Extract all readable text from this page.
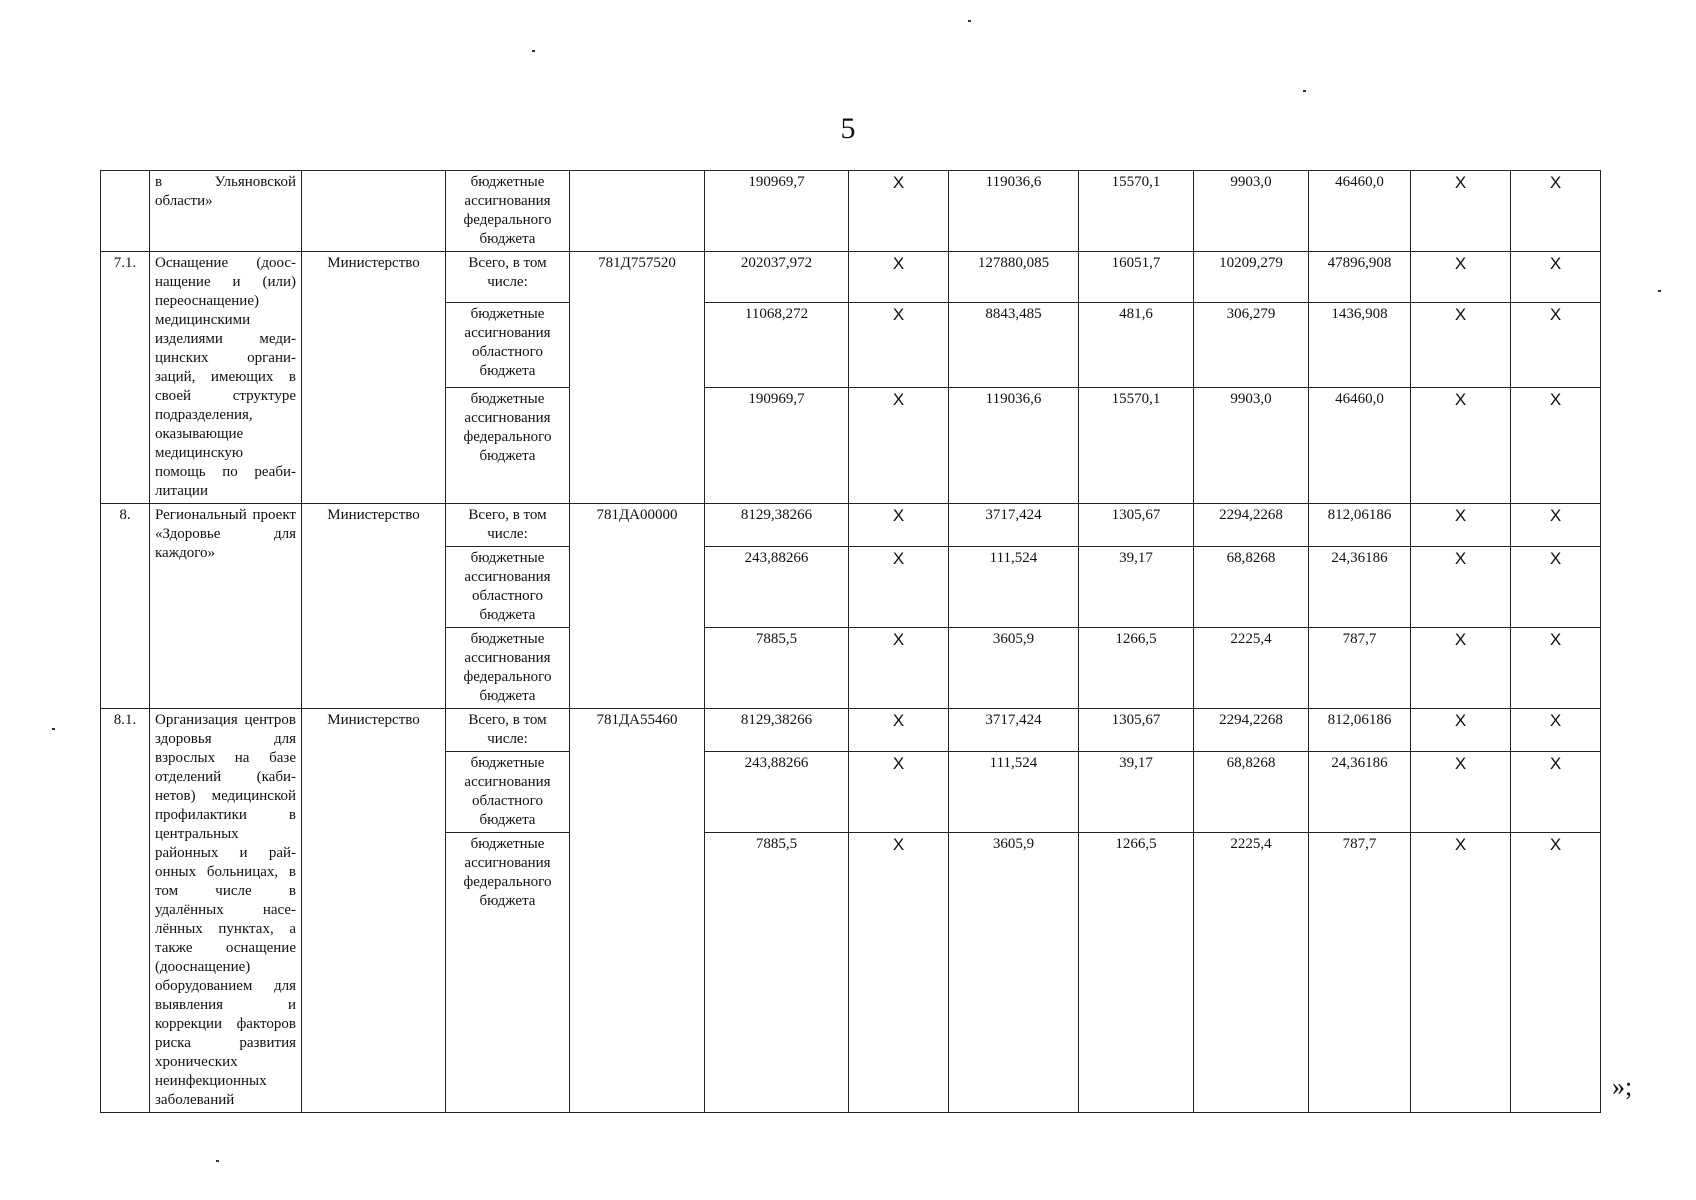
5
	в Ульяновской области»		бюджетные ассигнования федерального бюджета		190969,7	Х	119036,6	15570,1	9903,0	46460,0	Х	Х
7.1.	Оснащение (дооснащение и (или) переоснащение) медицинскими изделиями медицинских организаций, имеющих в своей структуре подразделения, оказывающие медицинскую помощь по реабилитации	Министерство	Всего, в том числе:	781Д757520	202037,972	Х	127880,085	16051,7	10209,279	47896,908	Х	Х
			бюджетные ассигнования областного бюджета		11068,272	Х	8843,485	481,6	306,279	1436,908	Х	Х
			бюджетные ассигнования федерального бюджета		190969,7	Х	119036,6	15570,1	9903,0	46460,0	Х	Х
8.	Региональный проект «Здоровье для каждого»	Министерство	Всего, в том числе:	781ДА00000	8129,38266	Х	3717,424	1305,67	2294,2268	812,06186	Х	Х
			бюджетные ассигнования областного бюджета		243,88266	Х	111,524	39,17	68,8268	24,36186	Х	Х
			бюджетные ассигнования федерального бюджета		7885,5	Х	3605,9	1266,5	2225,4	787,7	Х	Х
8.1.	Организация центров здоровья для взрослых на базе отделений (кабинетов) медицинской профилактики в центральных районных и районных больницах, в том числе в удалённых населённых пунктах, а также оснащение (дооснащение) оборудованием для выявления и коррекции факторов риска развития хронических неинфекционных заболеваний	Министерство	Всего, в том числе:	781ДА55460	8129,38266	Х	3717,424	1305,67	2294,2268	812,06186	Х	Х
			бюджетные ассигнования областного бюджета		243,88266	Х	111,524	39,17	68,8268	24,36186	Х	Х
			бюджетные ассигнования федерального бюджета		7885,5	Х	3605,9	1266,5	2225,4	787,7	Х	Х
»;
